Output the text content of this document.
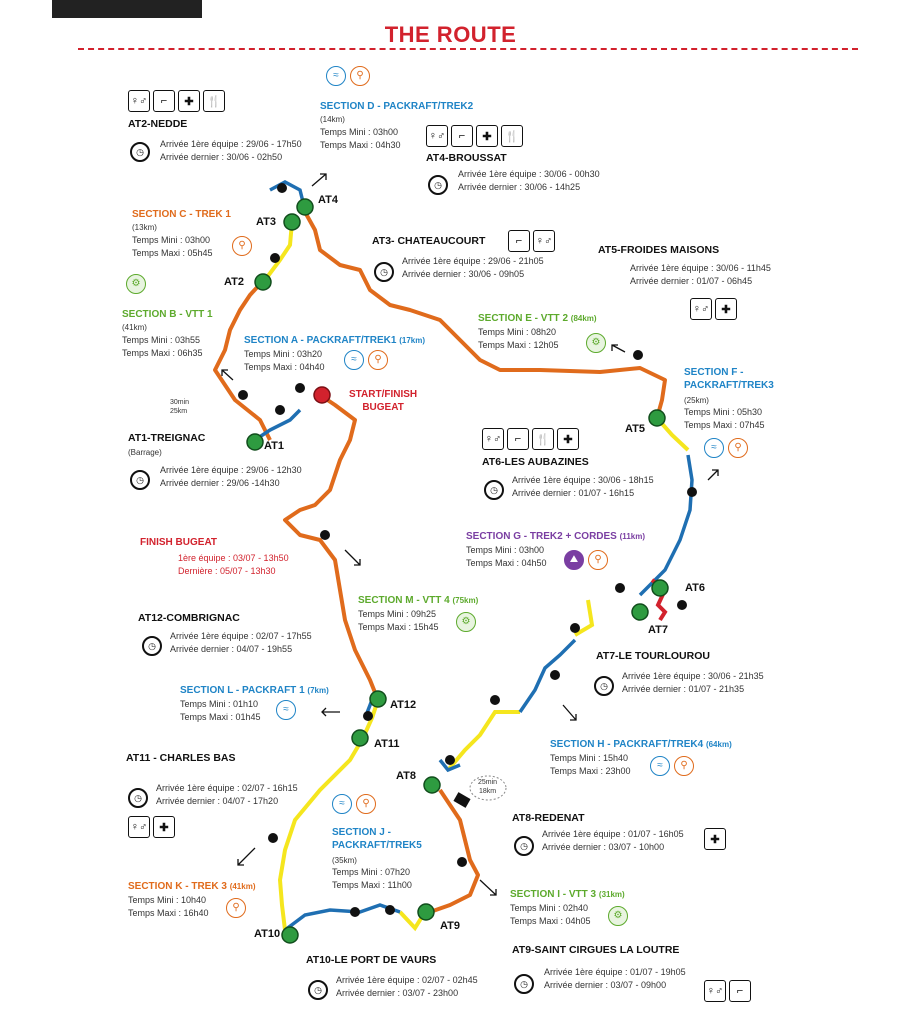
THE ROUTE
AT1
AT2
AT3
AT4
AT5
AT6
AT7
AT8
AT9
AT10
AT11
AT12
START/FINISH
BUGEAT
30min
25km
25min
18km
♀♂	⌐	✚	🍴
AT2-NEDDE
◷
Arrivée 1ère équipe : 29/06 - 17h50
Arrivée dernier : 30/06 - 02h50
≈ ⚲
SECTION D - PACKRAFT/TREK2
(14km)
Temps Mini : 03h00
Temps Maxi : 04h30
♀♂	⌐	✚	🍴
AT4-BROUSSAT
◷
Arrivée 1ère équipe : 30/06 - 00h30
Arrivée dernier : 30/06 - 14h25
SECTION C - TREK 1
(13km)
Temps Mini : 03h00
Temps Maxi : 05h45
⚲	AT3- CHATEAUCOURT	⌐	♀♂
◷
Arrivée 1ère équipe : 29/06 - 21h05
Arrivée dernier : 30/06 - 09h05
AT5-FROIDES MAISONS
Arrivée 1ère équipe : 30/06 - 11h45
Arrivée dernier : 01/07 - 06h45
♀♂	✚
⚙
SECTION B - VTT 1
(41km)
Temps Mini : 03h55
Temps Maxi : 06h35
SECTION E - VTT 2 (84km)
Temps Mini : 08h20
Temps Maxi : 12h05	⚙
SECTION A - PACKRAFT/TREK1 (17km)
Temps Mini : 03h20
Temps Maxi : 04h40
≈ ⚲
SECTION F -
PACKRAFT/TREK3
(25km)
Temps Mini : 05h30
Temps Maxi : 07h45
≈ ⚲
AT1-TREIGNAC
(Barrage)
◷
Arrivée 1ère équipe : 29/06 - 12h30
Arrivée dernier : 29/06 -14h30
♀♂	⌐	🍴	✚
AT6-LES AUBAZINES
◷
Arrivée 1ère équipe : 30/06 - 18h15
Arrivée dernier : 01/07 - 16h15
FINISH BUGEAT
1ère équipe : 03/07 - 13h50
Dernière : 05/07 - 13h30
SECTION G - TREK2 + CORDES (11km)
Temps Mini : 03h00
Temps Maxi : 04h50	⛰ ⚲
SECTION M - VTT 4 (75km)
Temps Mini : 09h25
Temps Maxi : 15h45	⚙
AT12-COMBRIGNAC
◷
Arrivée 1ère équipe : 02/07 - 17h55
Arrivée dernier : 04/07 - 19h55
AT7-LE TOURLOUROU
◷
Arrivée 1ère équipe : 30/06 - 21h35
Arrivée dernier : 01/07 - 21h35
SECTION L - PACKRAFT 1 (7km)
Temps Mini : 01h10
Temps Maxi : 01h45
≈
SECTION H - PACKRAFT/TREK4 (64km)
Temps Mini : 15h40
Temps Maxi : 23h00	≈ ⚲
AT11 - CHARLES BAS
◷
Arrivée 1ère équipe : 02/07 - 16h15
Arrivée dernier : 04/07 - 17h20
♀♂	✚
≈ ⚲
AT8-REDENAT
◷
Arrivée 1ère équipe : 01/07 - 16h05
Arrivée dernier : 03/07 - 10h00
✚
SECTION J -
PACKRAFT/TREK5
(35km)
Temps Mini : 07h20
Temps Maxi : 11h00
SECTION K - TREK 3 (41km)
Temps Mini : 10h40
Temps Maxi : 16h40	⚲
SECTION I - VTT 3 (31km)
Temps Mini : 02h40
Temps Maxi : 04h05	⚙
AT9-SAINT CIRGUES LA LOUTRE
◷
Arrivée 1ère équipe : 01/07 - 19h05
Arrivée dernier : 03/07 - 09h00	♀♂	⌐
AT10-LE PORT DE VAURS
◷
Arrivée 1ère équipe : 02/07 - 02h45
Arrivée dernier : 03/07 - 23h00
